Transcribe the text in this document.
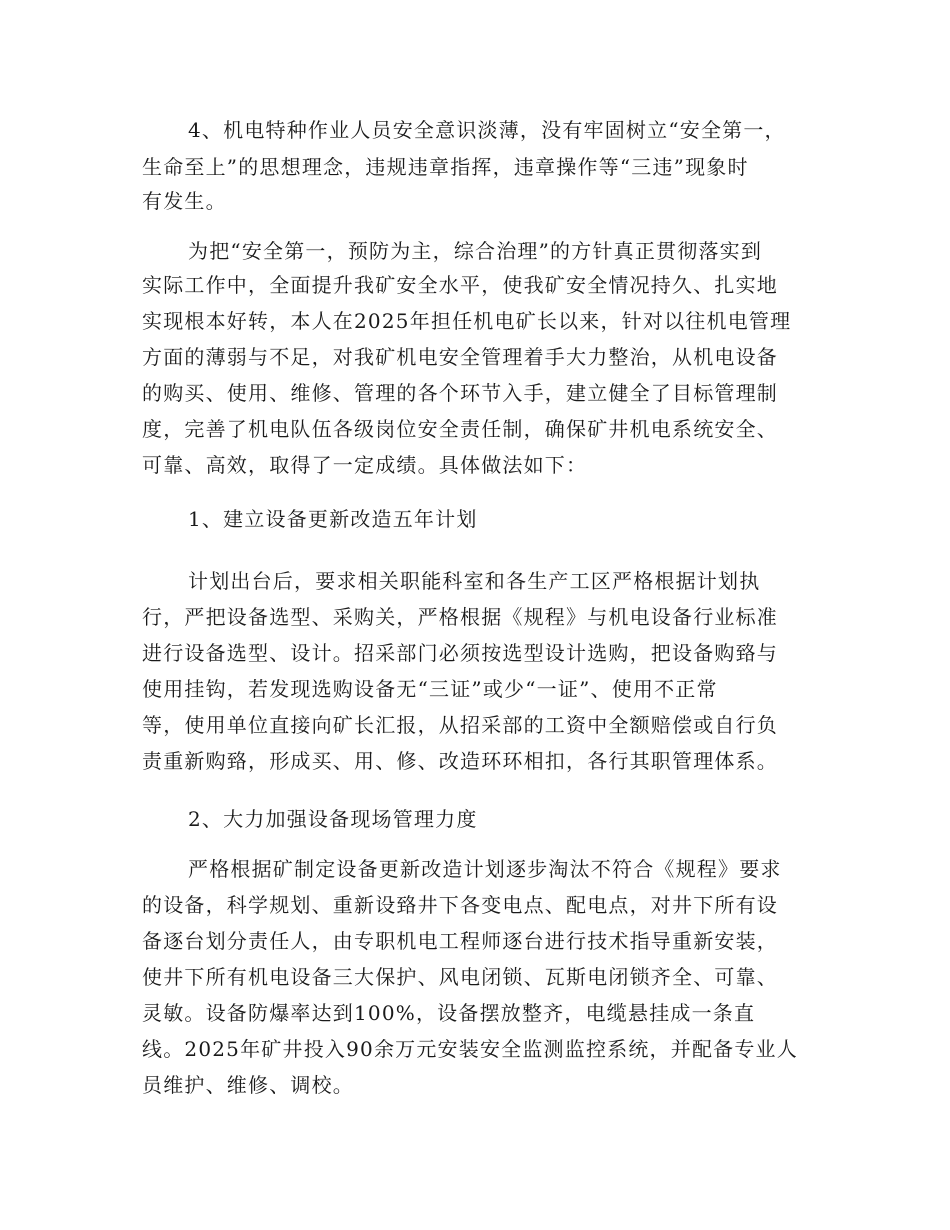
4、机电特种作业人员安全意识淡薄，没有牢固树立“安全第一，
生命至上”的思想理念，违规违章指挥，违章操作等“三违”现象时
有发生。
为把“安全第一，预防为主，综合治理”的方针真正贯彻落实到
实际工作中，全面提升我矿安全水平，使我矿安全情况持久、扎实地
实现根本好转，本人在2025年担任机电矿长以来，针对以往机电管理
方面的薄弱与不足，对我矿机电安全管理着手大力整治，从机电设备
的购买、使用、维修、管理的各个环节入手，建立健全了目标管理制
度，完善了机电队伍各级岗位安全责任制，确保矿井机电系统安全、
可靠、高效，取得了一定成绩。具体做法如下：
1、建立设备更新改造五年计划
计划出台后，要求相关职能科室和各生产工区严格根据计划执
行，严把设备选型、采购关，严格根据《规程》与机电设备行业标准
进行设备选型、设计。招采部门必须按选型设计选购，把设备购臵与
使用挂钩，若发现选购设备无“三证”或少“一证”、使用不正常
等，使用单位直接向矿长汇报，从招采部的工资中全额赔偿或自行负
责重新购臵，形成买、用、修、改造环环相扣，各行其职管理体系。
2、大力加强设备现场管理力度
严格根据矿制定设备更新改造计划逐步淘汰不符合《规程》要求
的设备，科学规划、重新设臵井下各变电点、配电点，对井下所有设
备逐台划分责任人，由专职机电工程师逐台进行技术指导重新安装，
使井下所有机电设备三大保护、风电闭锁、瓦斯电闭锁齐全、可靠、
灵敏。设备防爆率达到100%，设备摆放整齐，电缆悬挂成一条直
线。2025年矿井投入90余万元安装安全监测监控系统，并配备专业人
员维护、维修、调校。
